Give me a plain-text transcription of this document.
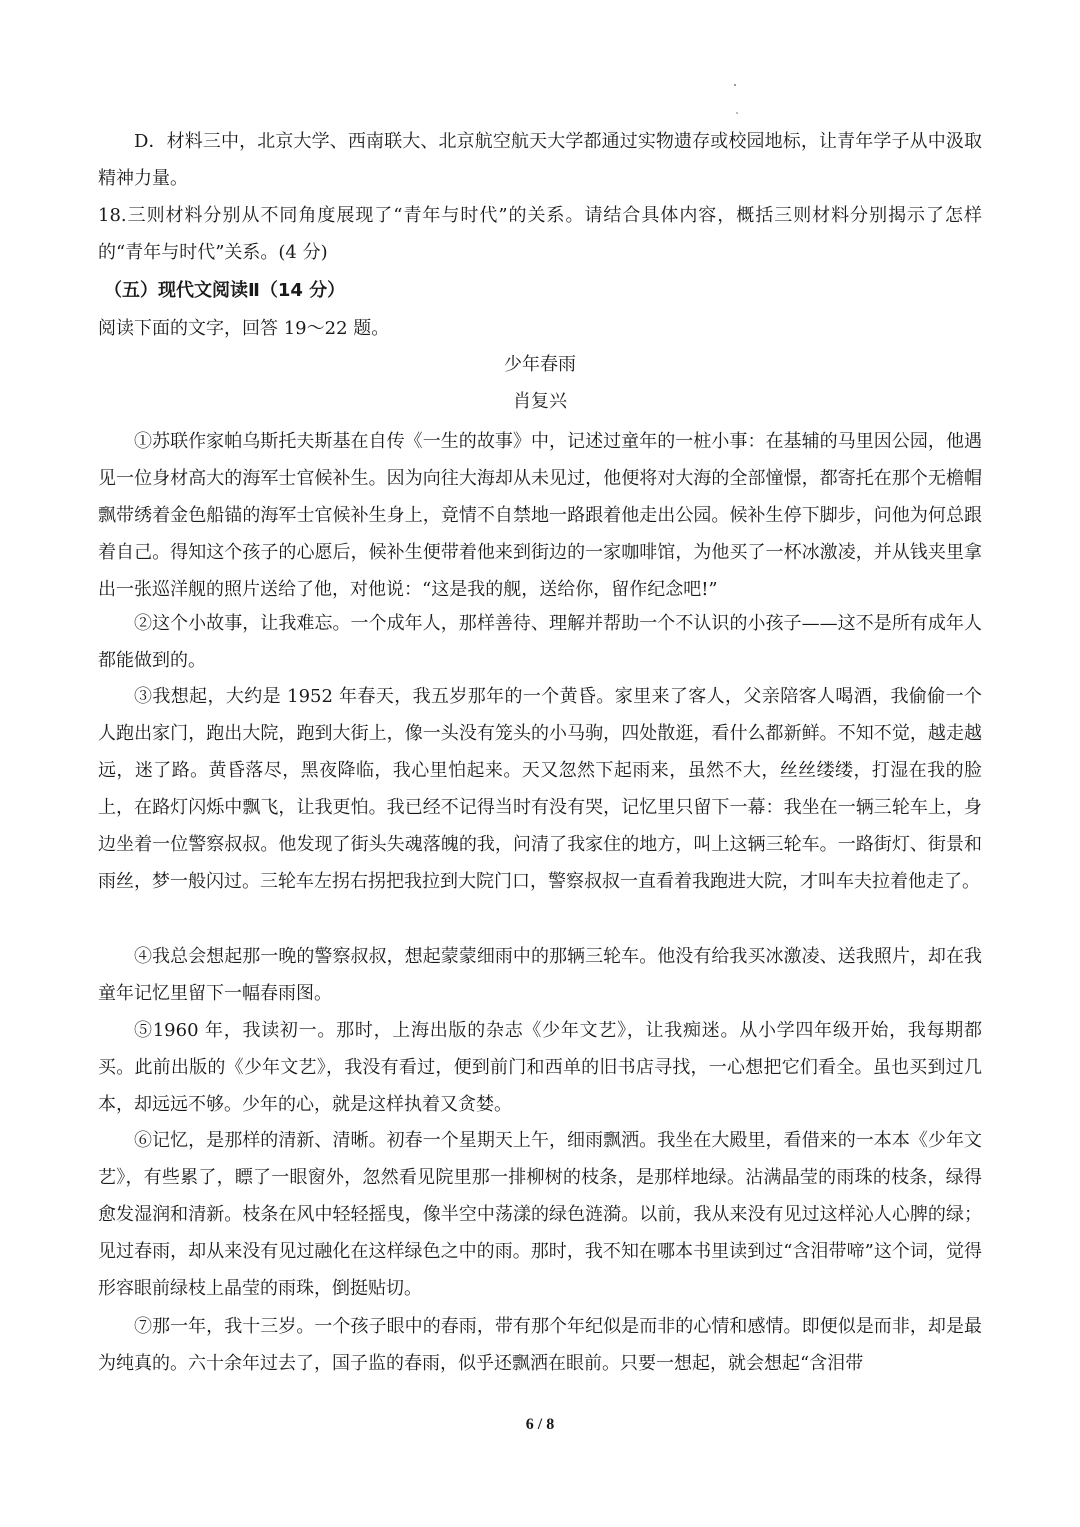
D．材料三中，北京大学、西南联大、北京航空航天大学都通过实物遗存或校园地标，让青年学子从中汲取精神力量。

18.三则材料分别从不同角度展现了“青年与时代”的关系。请结合具体内容，概括三则材料分别揭示了怎样的“青年与时代”关系。(4 分)

（五）现代文阅读Ⅱ（14 分）

阅读下面的文字，回答 19～22 题。

少年春雨
肖复兴

①苏联作家帕乌斯托夫斯基在自传《一生的故事》中，记述过童年的一桩小事：在基辅的马里因公园，他遇见一位身材高大的海军士官候补生。因为向往大海却从未见过，他便将对大海的全部憧憬，都寄托在那个无檐帽飘带绣着金色船锚的海军士官候补生身上，竟情不自禁地一路跟着他走出公园。候补生停下脚步，问他为何总跟着自己。得知这个孩子的心愿后，候补生便带着他来到街边的一家咖啡馆，为他买了一杯冰激凌，并从钱夹里拿出一张巡洋舰的照片送给了他，对他说：“这是我的舰，送给你，留作纪念吧!”

②这个小故事，让我难忘。一个成年人，那样善待、理解并帮助一个不认识的小孩子——这不是所有成年人都能做到的。

③我想起，大约是 1952 年春天，我五岁那年的一个黄昏。家里来了客人，父亲陪客人喝酒，我偷偷一个人跑出家门，跑出大院，跑到大街上，像一头没有笼头的小马驹，四处散逛，看什么都新鲜。不知不觉，越走越远，迷了路。黄昏落尽，黑夜降临，我心里怕起来。天又忽然下起雨来，虽然不大，丝丝缕缕，打湿在我的脸上，在路灯闪烁中飘飞，让我更怕。我已经不记得当时有没有哭，记忆里只留下一幕：我坐在一辆三轮车上，身边坐着一位警察叔叔。他发现了街头失魂落魄的我，问清了我家住的地方，叫上这辆三轮车。一路街灯、街景和雨丝，梦一般闪过。三轮车左拐右拐把我拉到大院门口，警察叔叔一直看着我跑进大院，才叫车夫拉着他走了。

④我总会想起那一晚的警察叔叔，想起蒙蒙细雨中的那辆三轮车。他没有给我买冰激凌、送我照片，却在我童年记忆里留下一幅春雨图。

⑤1960 年，我读初一。那时，上海出版的杂志《少年文艺》，让我痴迷。从小学四年级开始，我每期都买。此前出版的《少年文艺》，我没有看过，便到前门和西单的旧书店寻找，一心想把它们看全。虽也买到过几本，却远远不够。少年的心，就是这样执着又贪婪。

⑥记忆，是那样的清新、清晰。初春一个星期天上午，细雨飘洒。我坐在大殿里，看借来的一本本《少年文艺》，有些累了，瞟了一眼窗外，忽然看见院里那一排柳树的枝条，是那样地绿。沾满晶莹的雨珠的枝条，绿得愈发湿润和清新。枝条在风中轻轻摇曳，像半空中荡漾的绿色涟漪。以前，我从来没有见过这样沁人心脾的绿；见过春雨，却从来没有见过融化在这样绿色之中的雨。那时，我不知在哪本书里读到过“含泪带啼”这个词，觉得形容眼前绿枝上晶莹的雨珠，倒挺贴切。

⑦那一年，我十三岁。一个孩子眼中的春雨，带有那个年纪似是而非的心情和感情。即便似是而非，却是最为纯真的。六十余年过去了，国子监的春雨，似乎还飘洒在眼前。只要一想起，就会想起“含泪带

6 / 8
